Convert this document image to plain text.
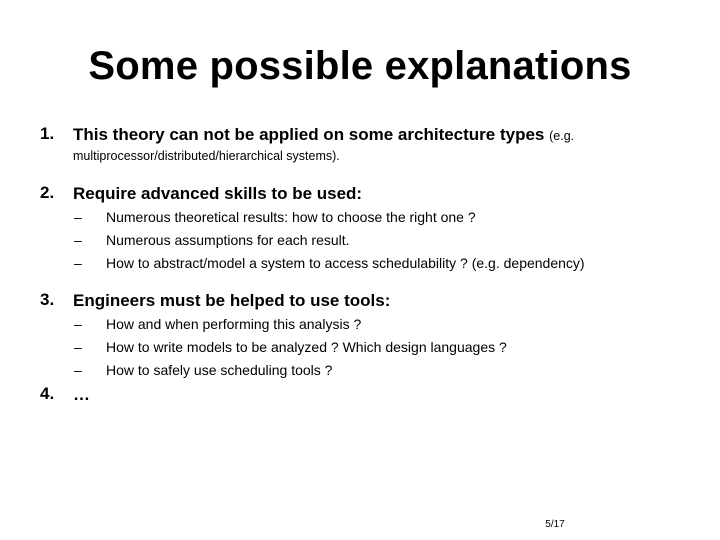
Some possible explanations
1.	This theory can not be applied on some architecture types (e.g.
multiprocessor/distributed/hierarchical systems).
2.	Require advanced skills to be used:
– Numerous theoretical results: how to choose the right one ?
– Numerous assumptions for each result.
– How to abstract/model a system to access schedulability ? (e.g. dependency)
3.	Engineers must be helped to use tools:
– How and when performing this analysis ?
– How to write models to be analyzed ? Which design languages ?
– How to safely use scheduling tools ?
4.	…
5/17
